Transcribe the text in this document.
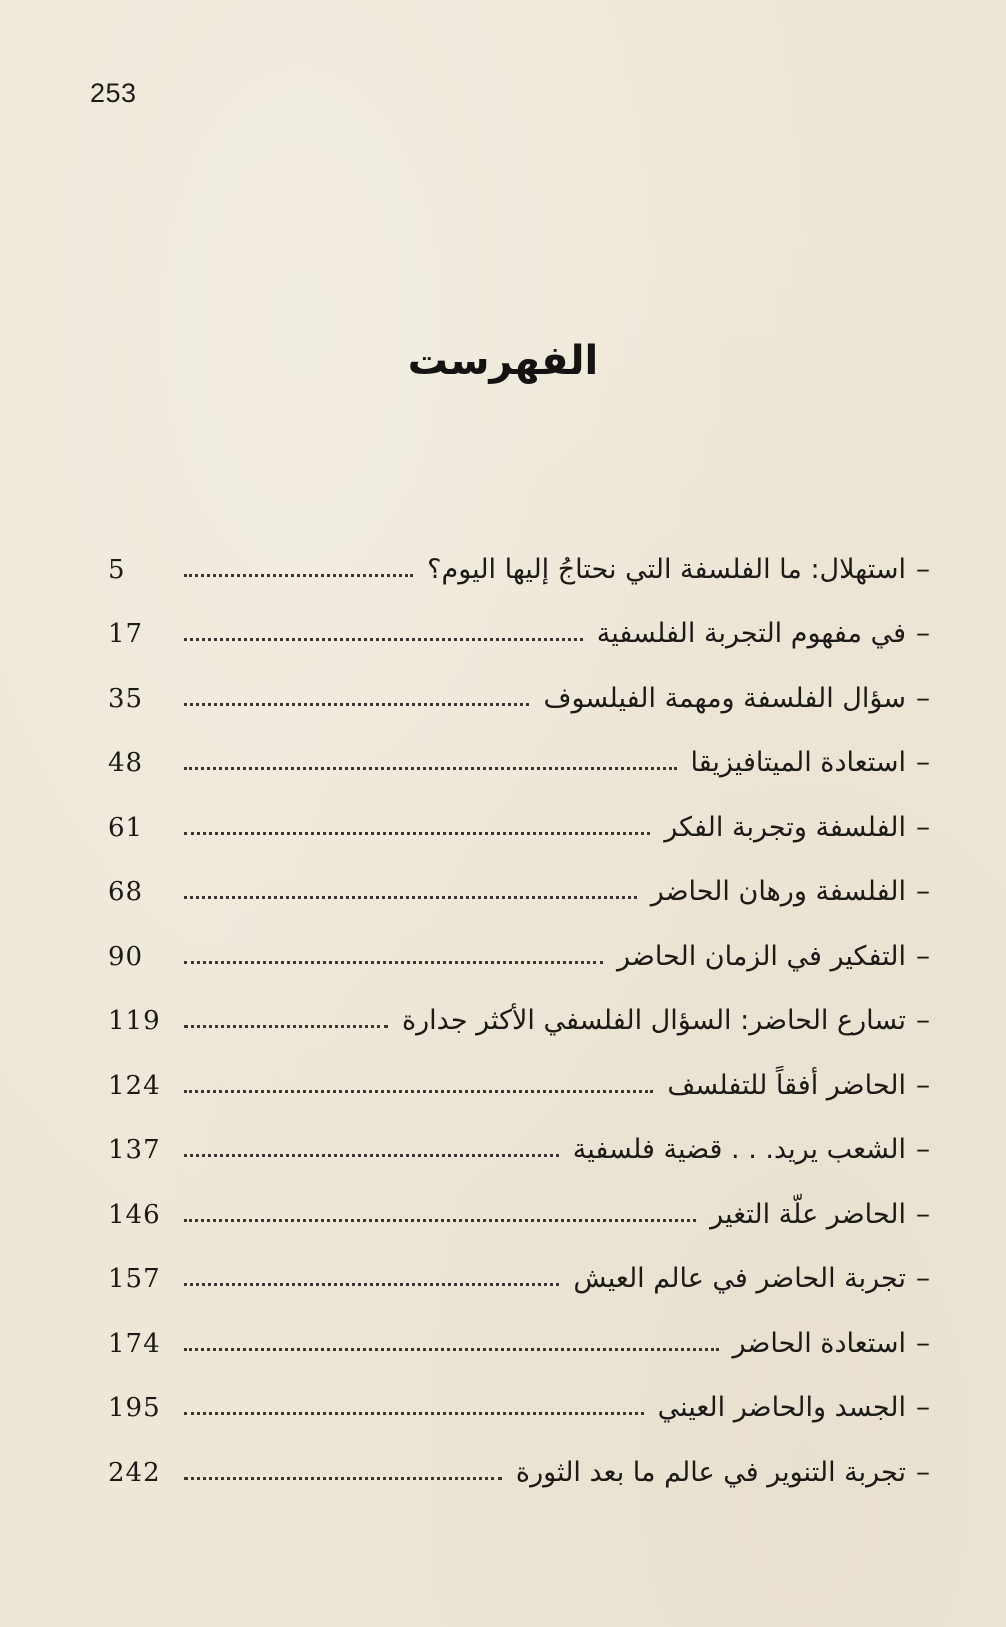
253
الفهرست
–
استهلال: ما الفلسفة التي نحتاجُ إليها اليوم؟
5
–
في مفهوم التجربة الفلسفية
17
–
سؤال الفلسفة ومهمة الفيلسوف
35
–
استعادة الميتافيزيقا
48
–
الفلسفة وتجربة الفكر
61
–
الفلسفة ورهان الحاضر
68
–
التفكير في الزمان الحاضر
90
–
تسارع الحاضر: السؤال الفلسفي الأكثر جدارة
119
–
الحاضر أفقاً للتفلسف
124
–
الشعب يريد. . . قضية فلسفية
137
–
الحاضر علّة التغير
146
–
تجربة الحاضر في عالم العيش
157
–
استعادة الحاضر
174
–
الجسد والحاضر العيني
195
–
تجربة التنوير في عالم ما بعد الثورة
242
